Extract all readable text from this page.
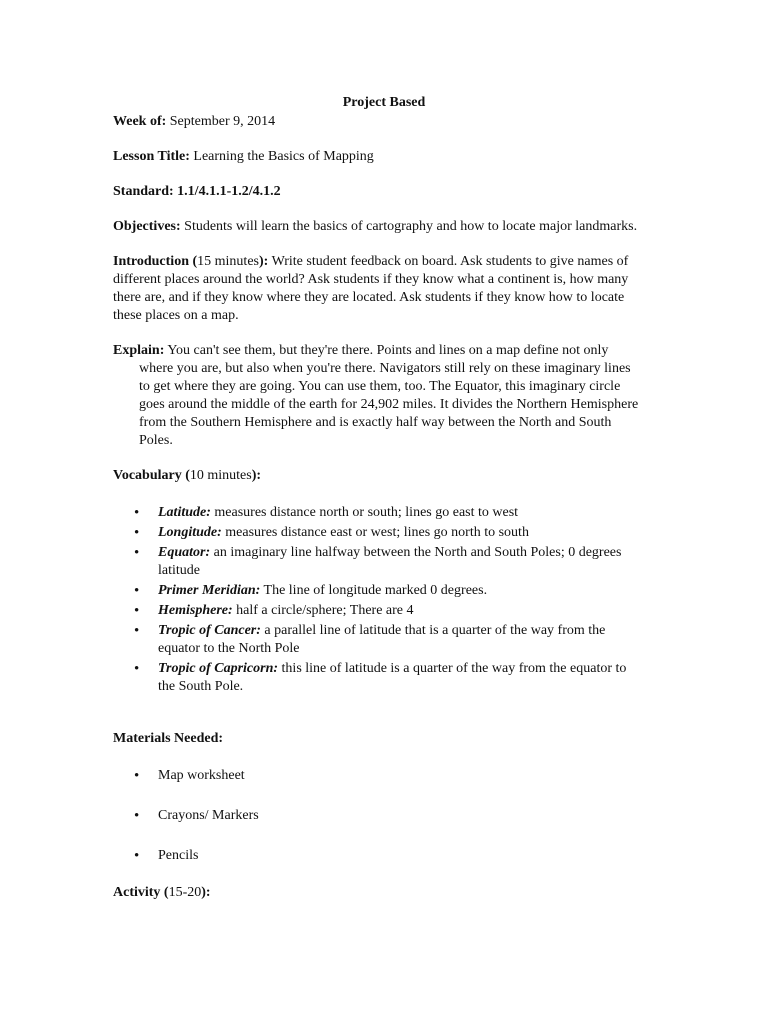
Project Based

Week of: September 9, 2014

Lesson Title: Learning the Basics of Mapping

Standard: 1.1/4.1.1-1.2/4.1.2

Objectives: Students will learn the basics of cartography and how to locate major landmarks.

Introduction (15 minutes): Write student feedback on board. Ask students to give names of different places around the world? Ask students if they know what a continent is, how many there are, and if they know where they are located. Ask students if they know how to locate these places on a map.

Explain: You can't see them, but they're there. Points and lines on a map define not only where you are, but also when you're there. Navigators still rely on these imaginary lines to get where they are going. You can use them, too. The Equator, this imaginary circle goes around the middle of the earth for 24,902 miles. It divides the Northern Hemisphere from the Southern Hemisphere and is exactly half way between the North and South Poles.

Vocabulary (10 minutes):

• Latitude: measures distance north or south; lines go east to west
• Longitude: measures distance east or west; lines go north to south
• Equator: an imaginary line halfway between the North and South Poles; 0 degrees latitude
• Primer Meridian: The line of longitude marked 0 degrees.
• Hemisphere: half a circle/sphere; There are 4
• Tropic of Cancer: a parallel line of latitude that is a quarter of the way from the equator to the North Pole
• Tropic of Capricorn: this line of latitude is a quarter of the way from the equator to the South Pole.

Materials Needed:

• Map worksheet
• Crayons/ Markers
• Pencils

Activity (15-20):
